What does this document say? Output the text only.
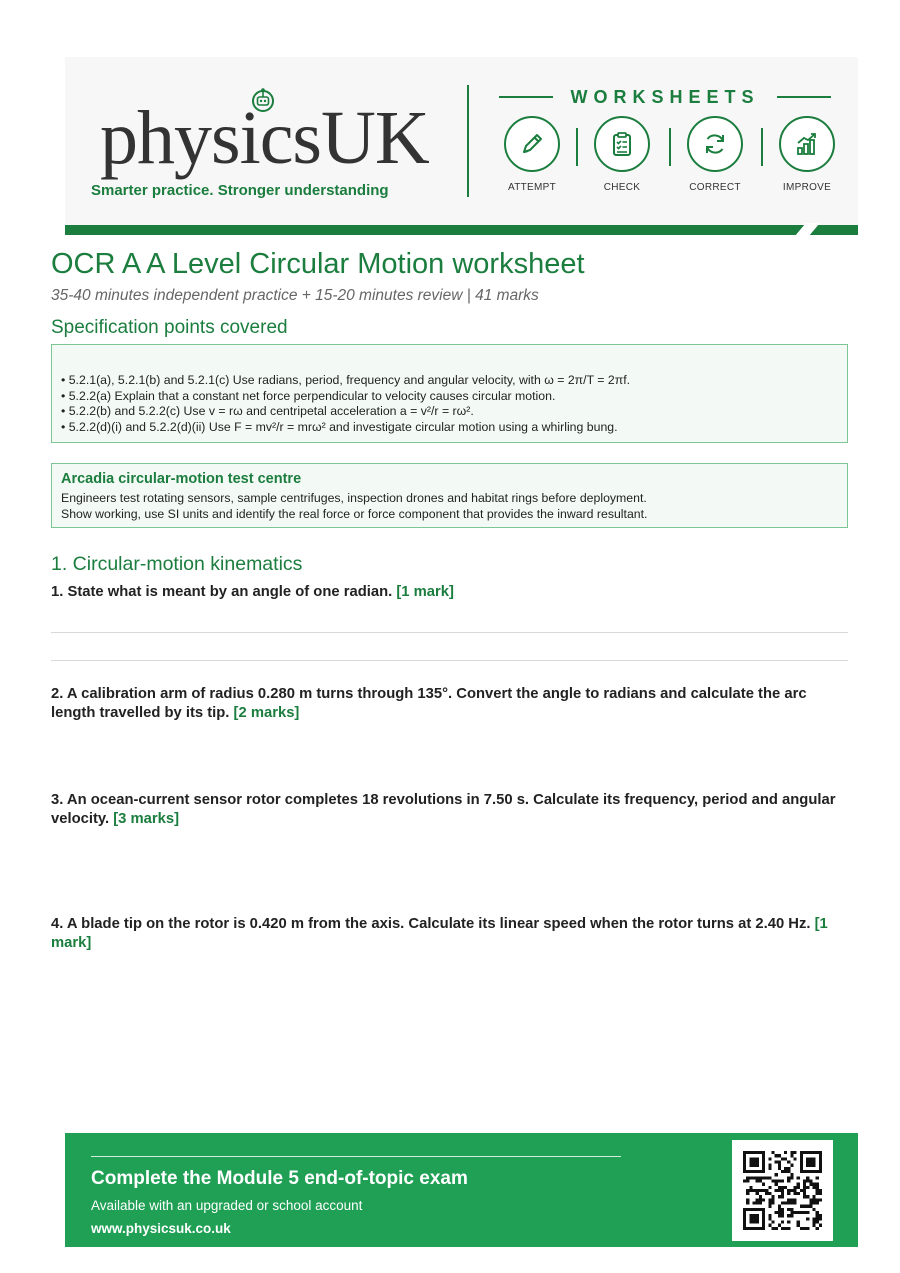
physicsUK
Smarter practice. Stronger understanding
WORKSHEETS
ATTEMPT	CHECK	CORRECT	IMPROVE
OCR A A Level Circular Motion worksheet
35-40 minutes independent practice + 15-20 minutes review | 41 marks
Specification points covered
• 5.2.1(a), 5.2.1(b) and 5.2.1(c) Use radians, period, frequency and angular velocity, with ω = 2π/T = 2πf.
• 5.2.2(a) Explain that a constant net force perpendicular to velocity causes circular motion.
• 5.2.2(b) and 5.2.2(c) Use v = rω and centripetal acceleration a = v²/r = rω².
• 5.2.2(d)(i) and 5.2.2(d)(ii) Use F = mv²/r = mrω² and investigate circular motion using a whirling bung.
Arcadia circular-motion test centre
Engineers test rotating sensors, sample centrifuges, inspection drones and habitat rings before deployment.
Show working, use SI units and identify the real force or force component that provides the inward resultant.
1. Circular-motion kinematics
1. State what is meant by an angle of one radian. [1 mark]
2. A calibration arm of radius 0.280 m turns through 135°. Convert the angle to radians and calculate the arc length travelled by its tip. [2 marks]
3. An ocean-current sensor rotor completes 18 revolutions in 7.50 s. Calculate its frequency, period and angular velocity. [3 marks]
4. A blade tip on the rotor is 0.420 m from the axis. Calculate its linear speed when the rotor turns at 2.40 Hz. [1 mark]
Complete the Module 5 end-of-topic exam
Available with an upgraded or school account
www.physicsuk.co.uk
